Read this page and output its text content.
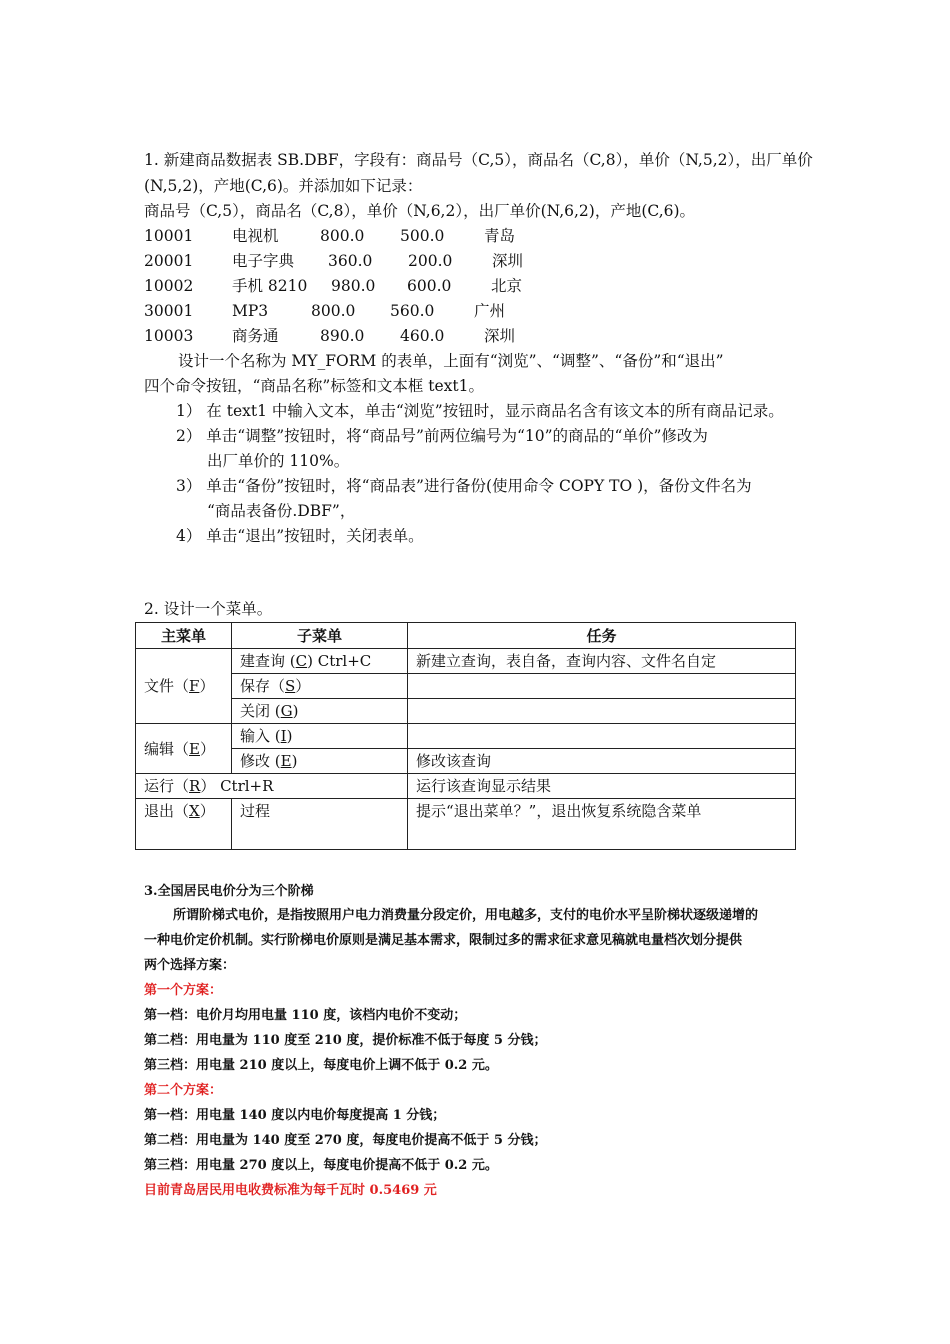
1. 新建商品数据表 SB.DBF，字段有：商品号（C,5），商品名（C,8），单价（N,5,2），出厂单价
(N,5,2)，产地(C,6)。并添加如下记录：
商品号（C,5），商品名（C,8），单价（N,6,2），出厂单价(N,6,2)，产地(C,6)。
10001 电视机	800.0 500.0	青岛
20001 电子字典 360.0 200.0	深圳
10002 手机 8210 980.0 600.0	北京
30001 MP3	800.0 560.0	广州
10003 商务通	890.0 460.0	深圳
设计一个名称为 MY_FORM 的表单，上面有“浏览”、“调整”、“备份”和“退出”
四个命令按钮，“商品名称”标签和文本框 text1。
1） 在 text1 中输入文本，单击“浏览”按钮时，显示商品名含有该文本的所有商品记录。
2） 单击“调整”按钮时，将“商品号”前两位编号为“10”的商品的“单价”修改为
出厂单价的 110%。
3） 单击“备份”按钮时，将“商品表”进行备份(使用命令 COPY TO )，备份文件名为
“商品表备份.DBF”，
4） 单击“退出”按钮时，关闭表单。
2. 设计一个菜单。
主菜单	子菜单	任务
文件（F）	建查询 (C) Ctrl+C	新建立查询，表自备，查询内容、文件名自定
	保存（S）	
	关闭 (G)	
编辑（E）	输入 (I)	
	修改 (E)	修改该查询
运行（R） Ctrl+R		运行该查询显示结果
退出（X）	过程	提示“退出菜单？”，退出恢复系统隐含菜单
3.全国居民电价分为三个阶梯
所谓阶梯式电价，是指按照用户电力消费量分段定价，用电越多，支付的电价水平呈阶梯状逐级递增的
一种电价定价机制。实行阶梯电价原则是满足基本需求，限制过多的需求征求意见稿就电量档次划分提供
两个选择方案：
第一个方案：
第一档：电价月均用电量 110 度，该档内电价不变动；
第二档：用电量为 110 度至 210 度，提价标准不低于每度 5 分钱；
第三档：用电量 210 度以上，每度电价上调不低于 0.2 元。
第二个方案：
第一档：用电量 140 度以内电价每度提高 1 分钱；
第二档：用电量为 140 度至 270 度，每度电价提高不低于 5 分钱；
第三档：用电量 270 度以上，每度电价提高不低于 0.2 元。
目前青岛居民用电收费标准为每千瓦时 0.5469 元
